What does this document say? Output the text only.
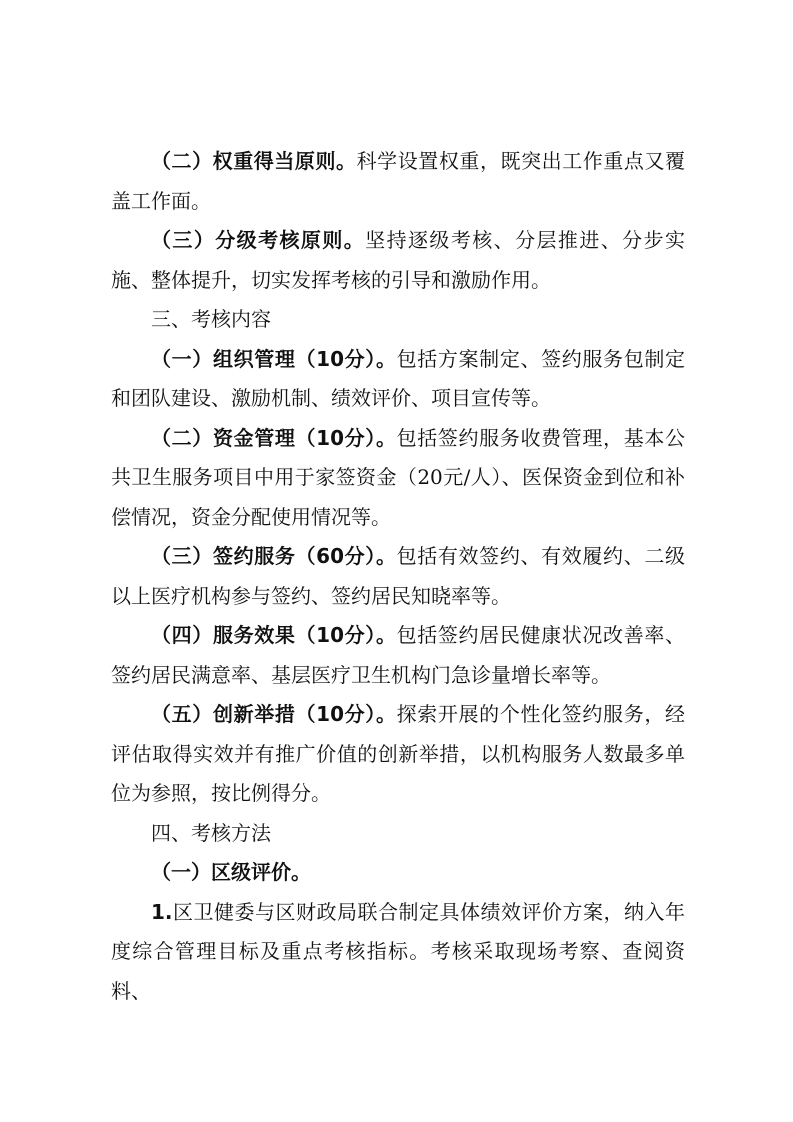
（二）权重得当原则。科学设置权重，既突出工作重点又覆盖工作面。

（三）分级考核原则。坚持逐级考核、分层推进、分步实施、整体提升，切实发挥考核的引导和激励作用。

三、考核内容

（一）组织管理（10分）。包括方案制定、签约服务包制定和团队建设、激励机制、绩效评价、项目宣传等。

（二）资金管理（10分）。包括签约服务收费管理，基本公共卫生服务项目中用于家签资金（20元/人）、医保资金到位和补偿情况，资金分配使用情况等。

（三）签约服务（60分）。包括有效签约、有效履约、二级以上医疗机构参与签约、签约居民知晓率等。

（四）服务效果（10分）。包括签约居民健康状况改善率、签约居民满意率、基层医疗卫生机构门急诊量增长率等。

（五）创新举措（10分）。探索开展的个性化签约服务，经评估取得实效并有推广价值的创新举措，以机构服务人数最多单位为参照，按比例得分。

四、考核方法

（一）区级评价。

1.区卫健委与区财政局联合制定具体绩效评价方案，纳入年度综合管理目标及重点考核指标。考核采取现场考察、查阅资料、
